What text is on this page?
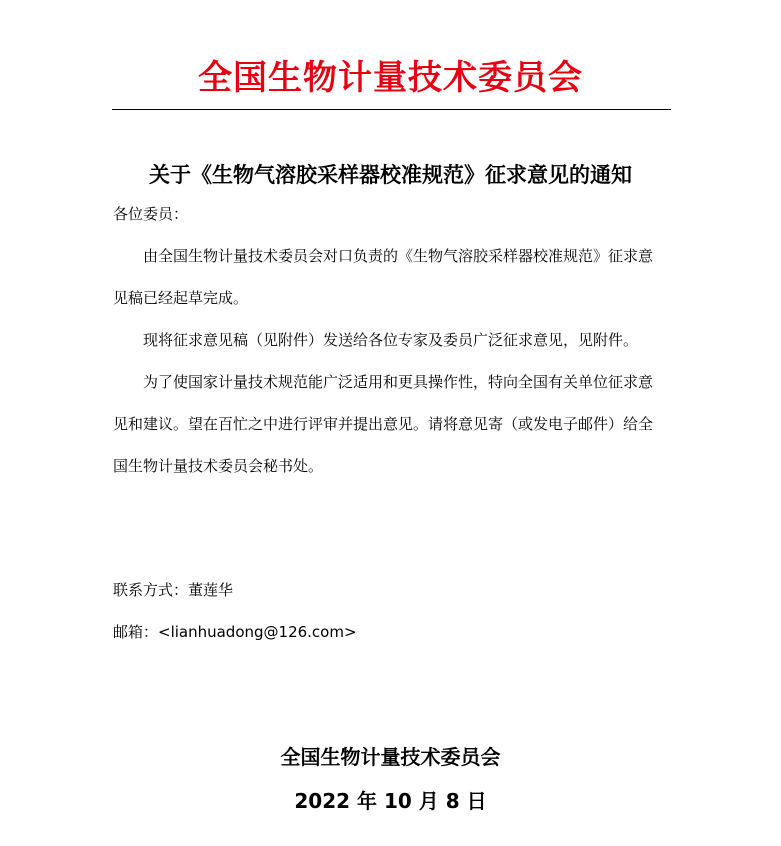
全国生物计量技术委员会
关于《生物气溶胶采样器校准规范》征求意见的通知
各位委员：

由全国生物计量技术委员会对口负责的《生物气溶胶采样器校准规范》征求意见稿已经起草完成。

现将征求意见稿（见附件）发送给各位专家及委员广泛征求意见，见附件。

为了使国家计量技术规范能广泛适用和更具操作性，特向全国有关单位征求意见和建议。望在百忙之中进行评审并提出意见。请将意见寄（或发电子邮件）给全国生物计量技术委员会秘书处。

联系方式：董莲华
邮箱：<lianhuadong@126.com>
全国生物计量技术委员会
2022 年 10 月 8 日
